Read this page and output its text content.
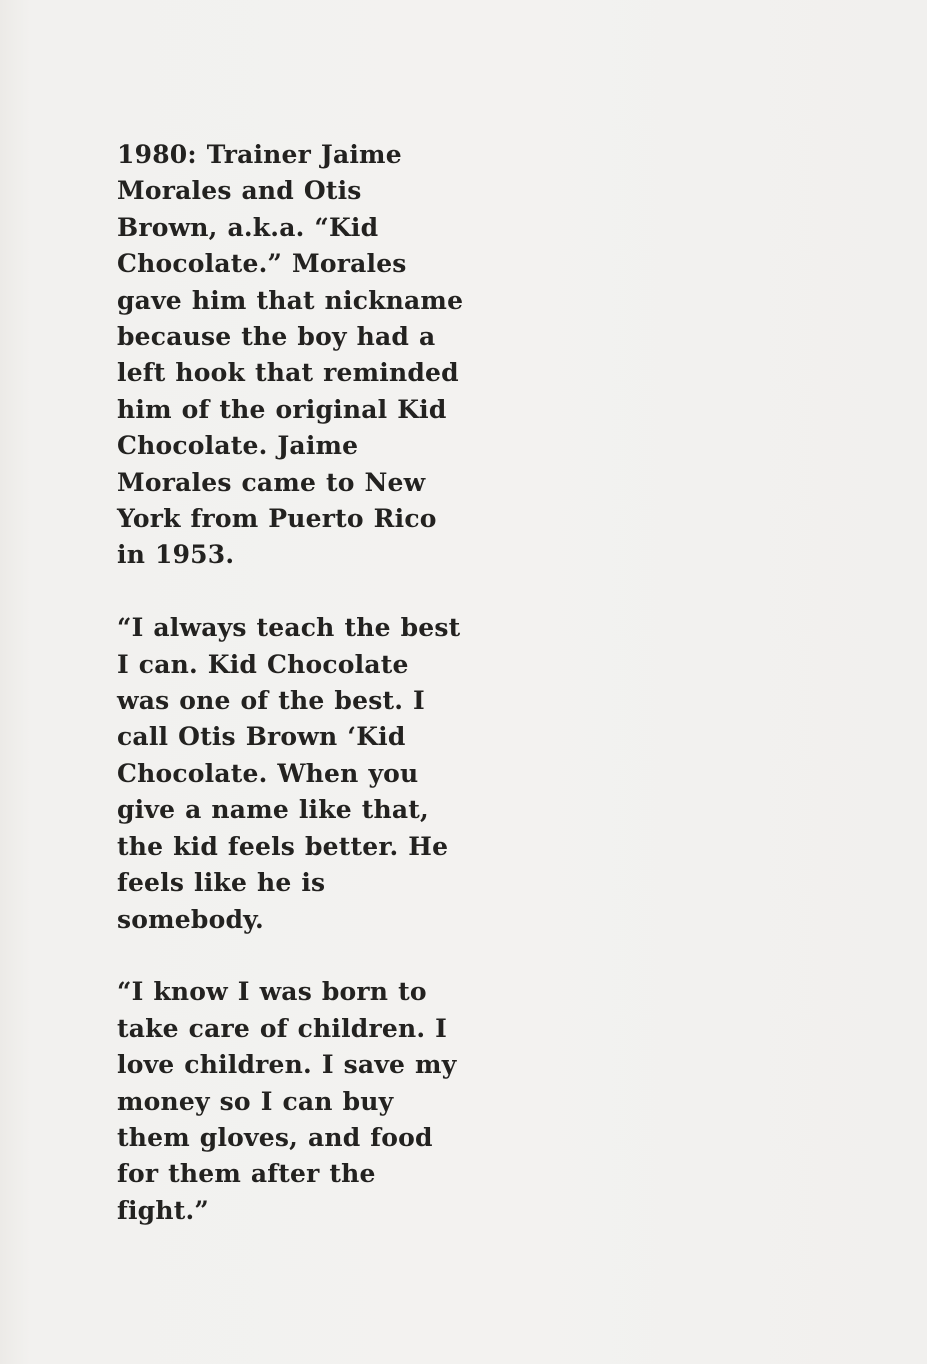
1980: Trainer Jaime
Morales and Otis
Brown, a.k.a. “Kid
Chocolate.” Morales
gave him that nickname
because the boy had a
left hook that reminded
him of the original Kid
Chocolate. Jaime
Morales came to New
York from Puerto Rico
in 1953.

“I always teach the best
I can. Kid Chocolate
was one of the best. I
call Otis Brown ‘Kid
Chocolate. When you
give a name like that,
the kid feels better. He
feels like he is
somebody.

“I know I was born to
take care of children. I
love children. I save my
money so I can buy
them gloves, and food
for them after the
fight.”
